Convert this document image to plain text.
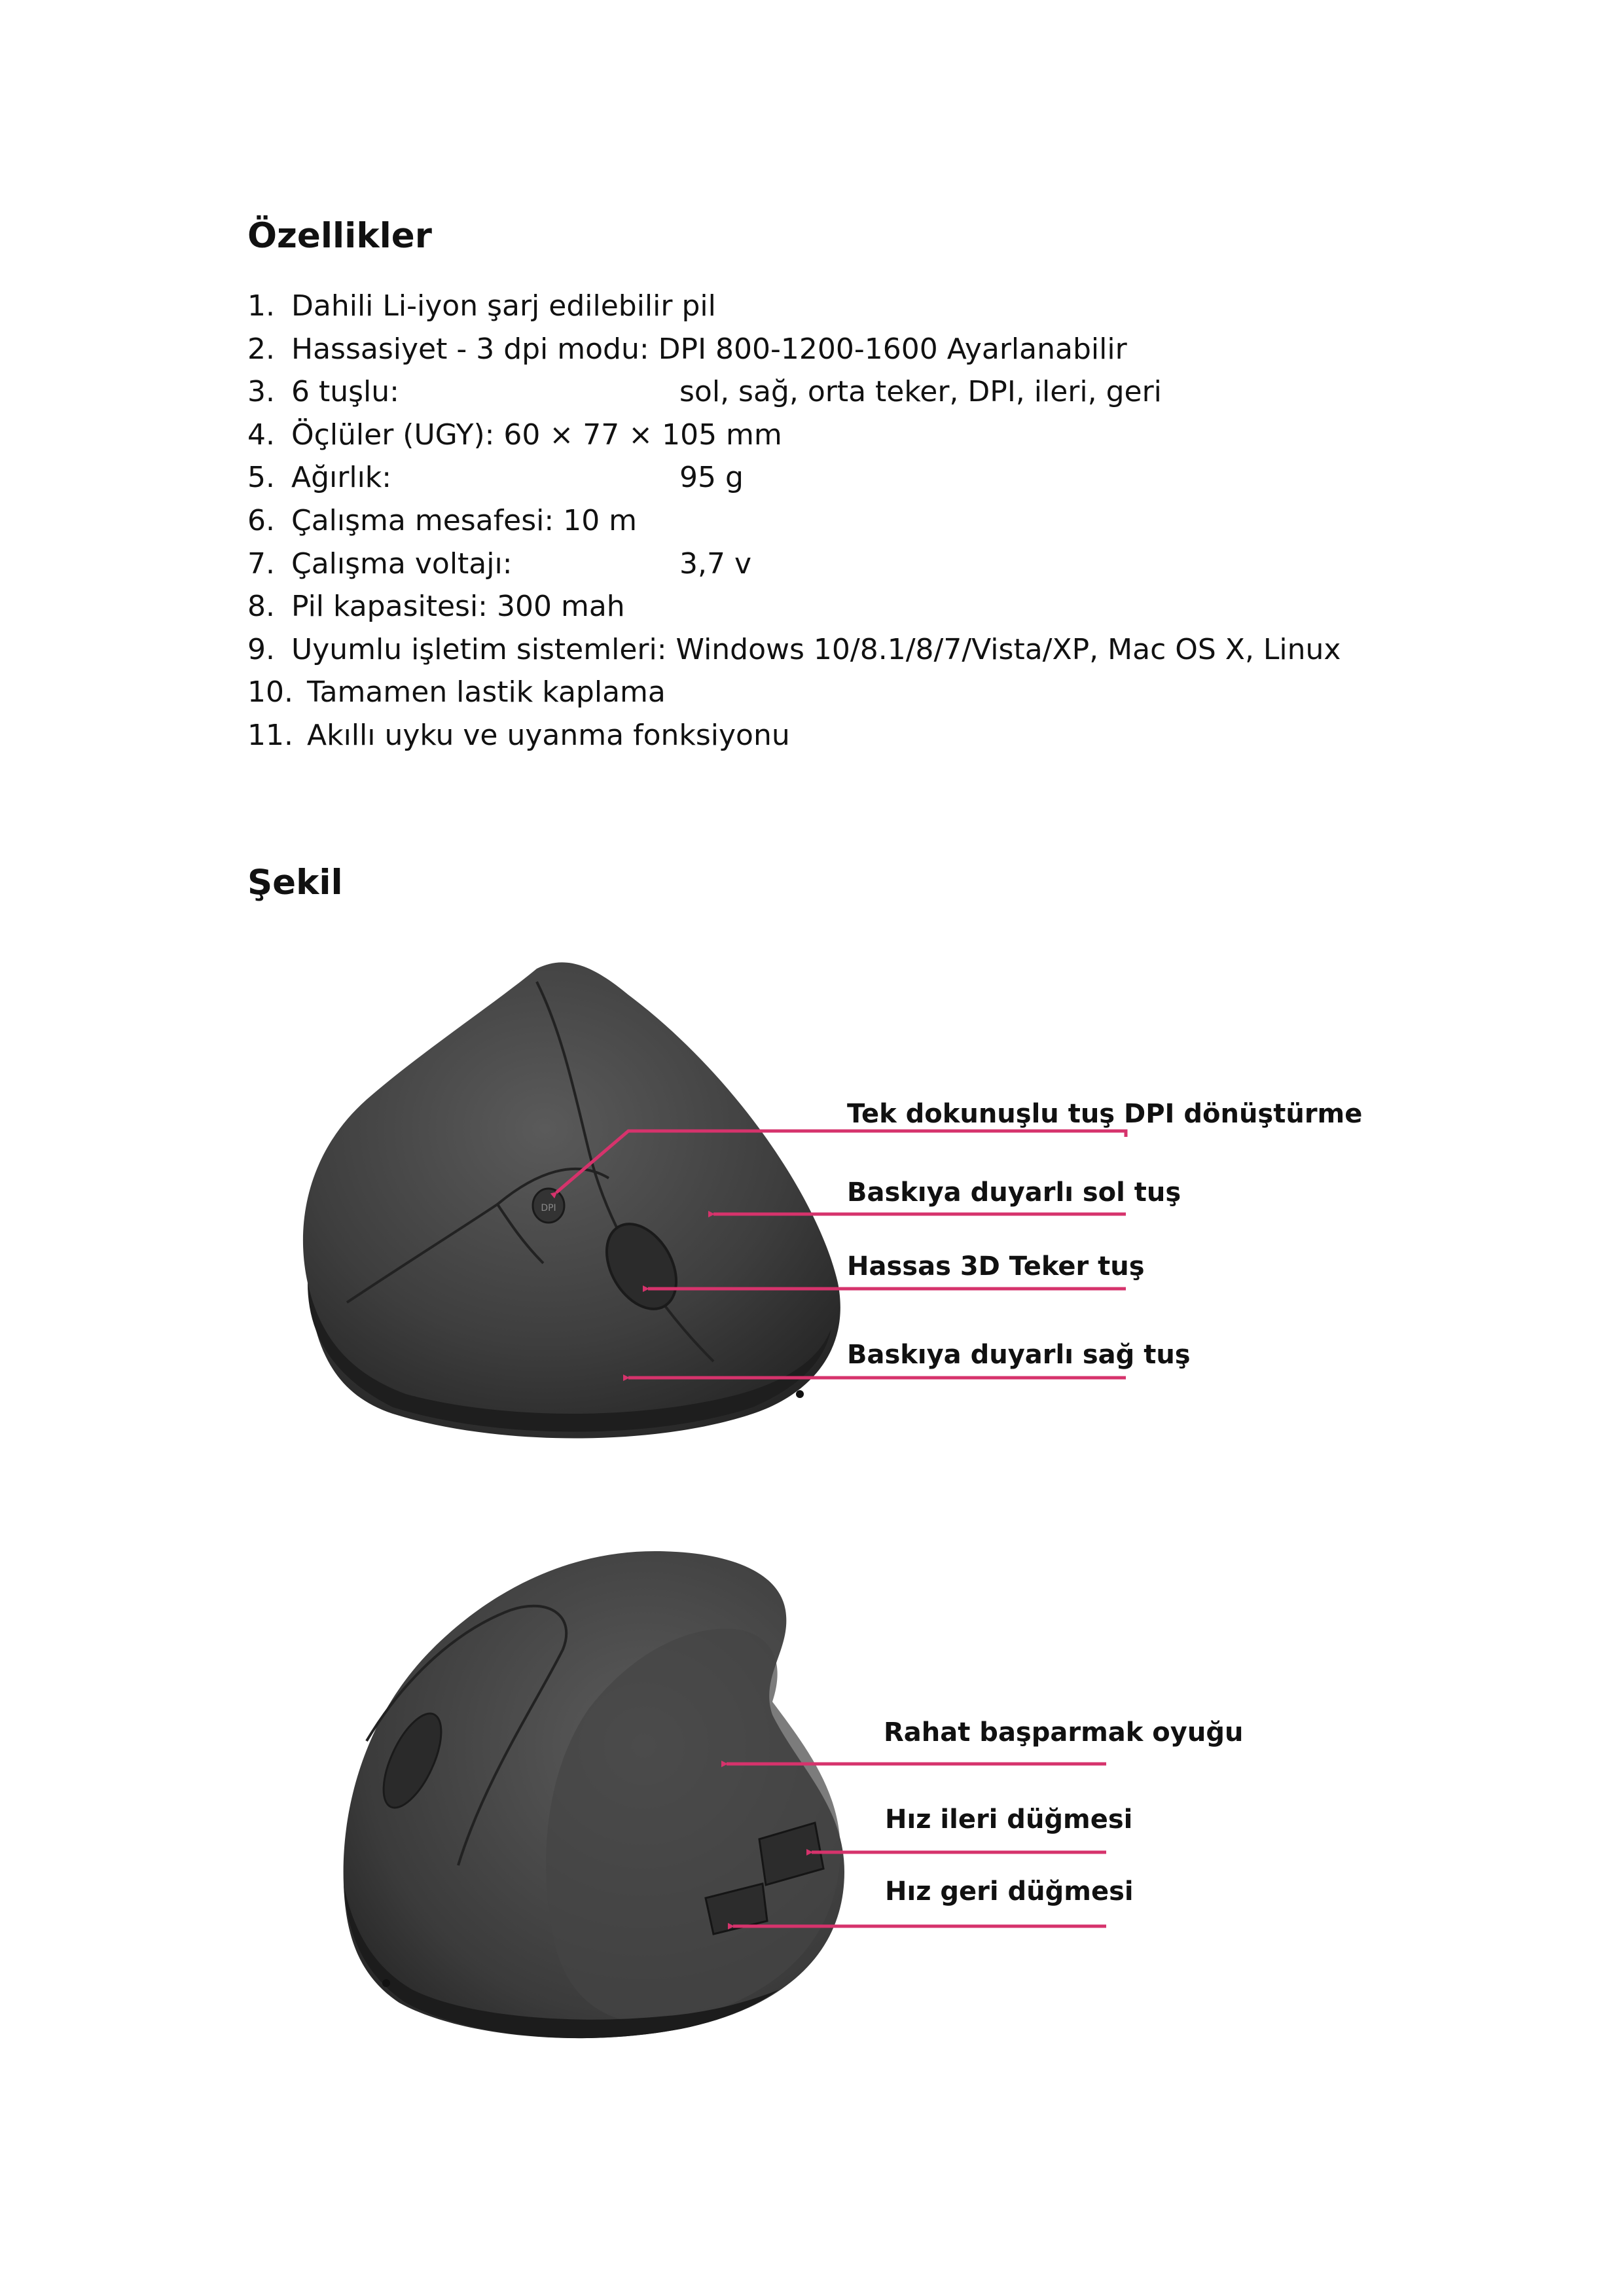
Özellikler
1. Dahili Li-iyon şarj edilebilir pil
2. Hassasiyet - 3 dpi modu: DPI 800-1200-1600 Ayarlanabilir
3. 6 tuşlu:	sol, sağ, orta teker, DPI, ileri, geri
4. Öçlüler (UGY): 60 × 77 × 105 mm
5. Ağırlık:	95 g
6. Çalışma mesafesi: 10 m
7. Çalışma voltajı:	3,7 v
8. Pil kapasitesi: 300 mah
9. Uyumlu işletim sistemleri: Windows 10/8.1/8/7/Vista/XP, Mac OS X, Linux
10. Tamamen lastik kaplama
11. Akıllı uyku ve uyanma fonksiyonu
Şekil
DPI
Tek dokunuşlu tuş DPI dönüştürme
Baskıya duyarlı sol tuş
Hassas 3D Teker tuş
Baskıya duyarlı sağ tuş
Rahat başparmak oyuğu
Hız ileri düğmesi
Hız geri düğmesi
